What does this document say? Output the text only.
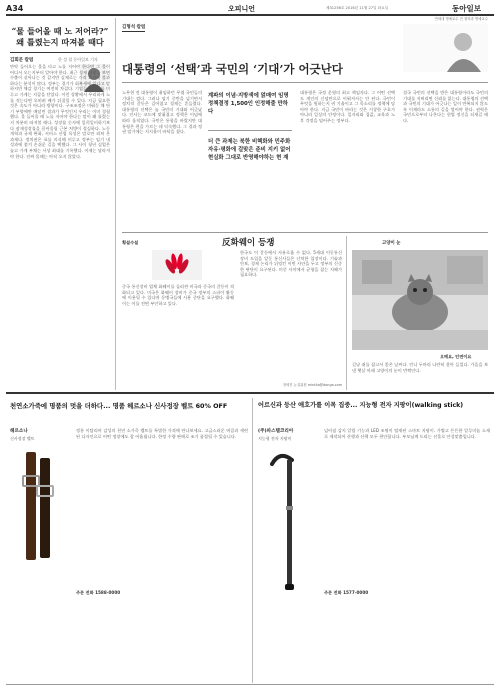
A34	오피니언	제31256호 2016년 11월 27일 화요일	동아일보
“물 들어올 때 노 저어라?”
왜 틀렸는지 따져볼 때다
김회문 칼럼	한 성 철 동아일보 기자
만약 들어오는 물을 타고 노를 저어야 한다면 그 물이 어디서 오는지부터 알아야 한다. 최근 경제 상황을 보면 수출이 살아나는 것 같지만 실제로는 가격 효과에 불과하다는 분석이 많다. 정부는 경기가 회복세에 있다고 말하지만 체감 경기는 여전히 차갑다. 기업들은 투자를 미루고 가계는 지갑을 닫았다. 이런 상황에서 무리하게 노를 젓는다면 오히려 배가 뒤집힐 수 있다. 지금 필요한 것은 속도가 아니라 방향이다. 구조조정은 미뤄둔 채 단기 부양에만 매달린 결과가 무엇인지 우리는 이미 경험했다. 물 들어올 때 노를 저어야 한다는 말이 왜 틀렸는지 차분히 따져볼 때다. 성장률 숫자에 일희일비하기보다 잠재성장률을 끌어올릴 근본 처방이 절실하다. 노동 개혁과 규제 완화, 서비스 산업 육성은 말로만 외쳐 온 과제다. 정치권은 표를 의식해 미루고 정부는 임기 내 성과에 쫓겨 손쉬운 길을 택했다. 그 사이 청년 실업은 늘고 가계 부채는 사상 최대를 기록했다. 이제는 달라져야 한다. 진짜 물때는 아직 오지 않았다.
김형석 칼럼
대통령의 ‘선택’과 국민의 ‘기대’가 어긋난다
연세대 명예교수 전 철학과 명예교수
노무현 전 대통령이 취임하던 무렵 국민들의 기대는 컸다. 그러나 임기 중반을 넘기면서 정치적 갈등은 깊어졌고 경제는 흔들렸다. 대통령의 선택은 늘 국민의 기대와 어긋났다. 인사는 코드에 맞춰졌고 정책은 이념에 따라 움직였다. 국민은 통합을 바랐지만 대통령은 편을 가르는 데 익숙했다. 그 결과 정권 말기에는 지지율이 바닥을 쳤다.
계파의 이념·지방색에 얽매여 임명 정책결정 1,500인 인정해줄 만하다
더 큰 과제는 북한 비핵화와 민주화 자유·평화에 걸맞은 준비 지키 없어 현실화 그대로 반영해야하는 현 재
대통령은 국정 운영의 최고 책임자다. 그 어떤 선택도 개인의 신념만으로 이뤄져서는 안 된다. 국민이 무엇을 원하는지 귀 기울이고 그 목소리를 정책에 담아야 한다. 지금 국민이 바라는 것은 거창한 구호가 아니라 일상의 안정이다. 일자리와 집값, 교육과 노후 걱정을 덜어주는 정부다.
결국 국민의 선택을 받은 대통령이라도 국민의 기대를 저버리면 신뢰를 잃는다. 대통령의 선택과 국민의 기대가 어긋나는 일이 반복되지 않도록 이제라도 소통의 길을 열어야 한다. 권력은 국민으로부터 나온다는 헌법 정신을 되새길 때다.
횡설수설	反화웨이 등쟁
중국 통신장비 업체 화웨이를 둘러싼 미국과 중국의 갈등이 격화되고 있다. 미국은 화웨이 장비가 중국 정부의 스파이 활동에 이용될 수 있다며 동맹국들에 사용 중단을 요구했다. 화웨이는 이를 전면 부인하고 있다.
한국도 이 갈등에서 자유로울 수 없다. 5세대 이동통신 장비 도입을 앞둔 통신사들은 난처한 입장이다. 기술과 안보, 경제 논리가 뒤엉킨 이번 사안을 두고 정부의 신중한 판단이 요구된다. 미중 사이에서 균형을 잡는 지혜가 필요하다.
정세진 논설위원 mint4a@donga.com
고양이 눈
오메요, 인연이요
길냥 쥐를 잡고서 좋은 날씨다. 언니 두마리 나란히 찾아 들었다. 가을을 보낸 햇살 아래 고양이의 눈이 반짝인다.
천연소가죽에 명품의 멋을 더하다... 명품 헤르소나 신사정장 벨트 60% OFF
헤르소나
신사정장 벨트
정통 이탈리아 감성의 천연 소가죽 벨트를 특별한 가격에 만나보세요. 고급스러운 버클과 세련된 디자인으로 어떤 정장에도 잘 어울립니다. 한정 수량 판매로 조기 품절될 수 있습니다.
주문 전화 1588-0000
어르신과 등산 애호가를 이목 집중... 지능형 전자 지팡이(walking stick)
(주)파스텔코리아
지능형 전자 지팡이
넘어짐 감지 알림 기능과 LED 조명이 탑재된 스마트 지팡이. 가볍고 튼튼한 알루미늄 소재로 제작되어 산행과 산책 모두 편안합니다. 부모님께 드리는 선물로 안성맞춤입니다.
주문 전화 1577-0000
